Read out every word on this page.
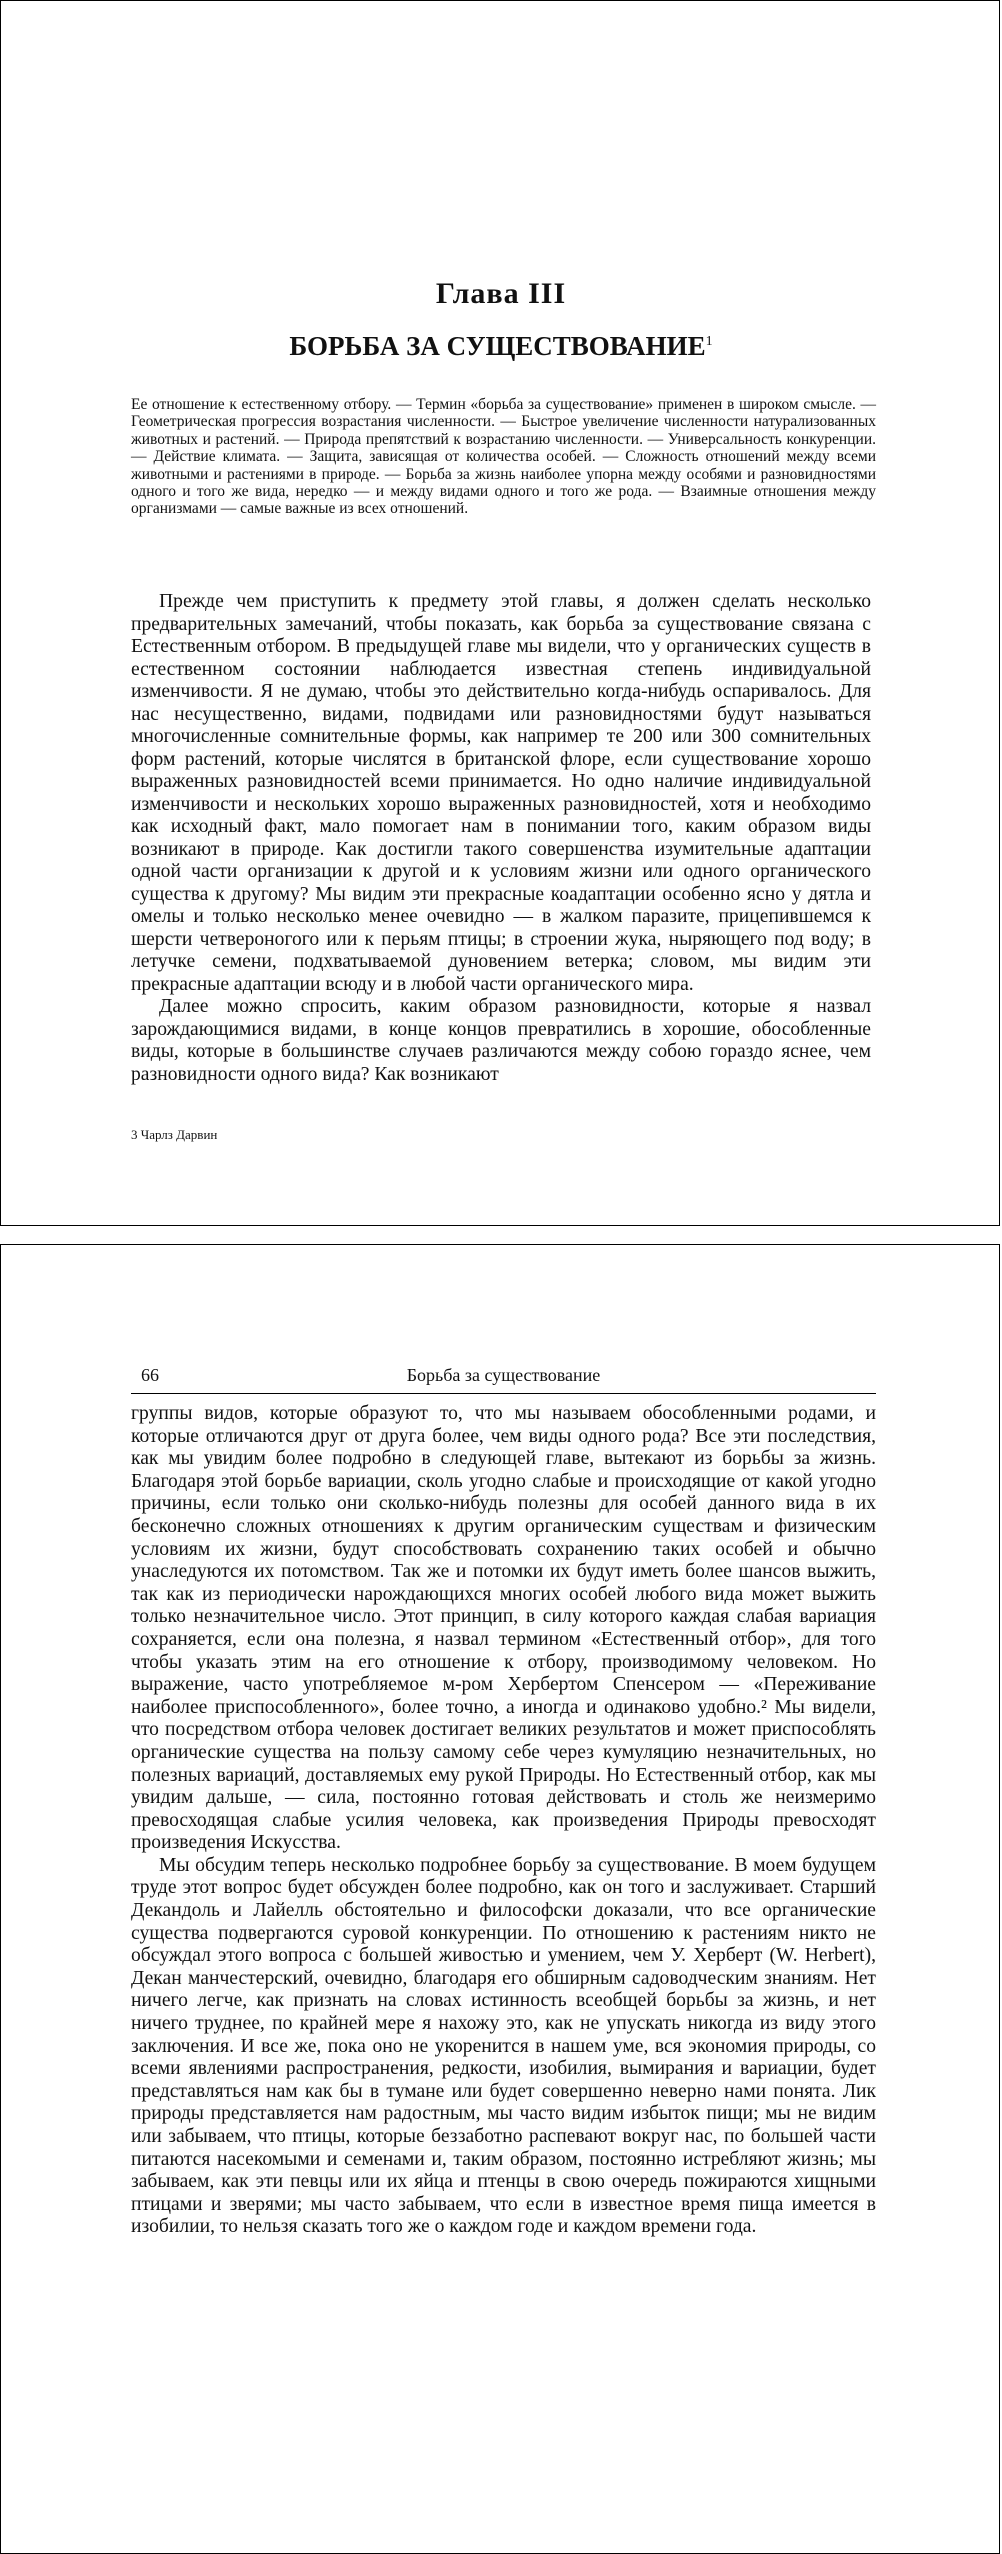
Глава III
БОРЬБА ЗА СУЩЕСТВОВАНИЕ$^1$

Ее отношение к естественному отбору. — Термин «борьба за существование» применен в широком смысле. — Геометрическая прогрессия возрастания численности. — Быстрое увеличение численности натурализованных животных и растений. — Природа препятствий к возрастанию численности. — Универсальность конкуренции. — Действие климата. — Защита, зависящая от количества особей. — Сложность отношений между всеми животными и растениями в природе. — Борьба за жизнь наиболее упорна между особями и разновидностями одного и того же вида, нередко — и между видами одного и того же рода. — Взаимные отношения между организмами — самые важные из всех отношений.

Прежде чем приступить к предмету этой главы, я должен сделать несколько предварительных замечаний, чтобы показать, как борьба за существование связана с Естественным отбором. В предыдущей главе мы видели, что у органических существ в естественном состоянии наблюдается известная степень индивидуальной изменчивости. Я не думаю, чтобы это действительно когда-нибудь оспаривалось. Для нас несущественно, видами, подвидами или разновидностями будут называться многочисленные сомнительные формы, как например те 200 или 300 сомнительных форм растений, которые числятся в британской флоре, если существование хорошо выраженных разновидностей всеми принимается. Но одно наличие индивидуальной изменчивости и нескольких хорошо выраженных разновидностей, хотя и необходимо как исходный факт, мало помогает нам в понимании того, каким образом виды возникают в природе. Как достигли такого совершенства изумительные адаптации одной части организации к другой и к условиям жизни или одного органического существа к другому? Мы видим эти прекрасные коадаптации особенно ясно у дятла и омелы и только несколько менее очевидно — в жалком паразите, прицепившемся к шерсти четвероногого или к перьям птицы; в строении жука, ныряющего под воду; в летучке семени, подхватываемой дуновением ветерка; словом, мы видим эти прекрасные адаптации всюду и в любой части органического мира.

Далее можно спросить, каким образом разновидности, которые я назвал зарождающимися видами, в конце концов превратились в хорошие, обособленные виды, которые в большинстве случаев различаются между собою гораздо яснее, чем разновидности одного вида? Как возникают

3 Чарлз Дарвин
66	Борьба за существование

группы видов, которые образуют то, что мы называем обособленными родами, и которые отличаются друг от друга более, чем виды одного рода? Все эти последствия, как мы увидим более подробно в следующей главе, вытекают из борьбы за жизнь. Благодаря этой борьбе вариации, сколь угодно слабые и происходящие от какой угодно причины, если только они сколько-нибудь полезны для особей данного вида в их бесконечно сложных отношениях к другим органическим существам и физическим условиям их жизни, будут способствовать сохранению таких особей и обычно унаследуются их потомством. Так же и потомки их будут иметь более шансов выжить, так как из периодически нарождающихся многих особей любого вида может выжить только незначительное число. Этот принцип, в силу которого каждая слабая вариация сохраняется, если она полезна, я назвал термином «Естественный отбор», для того чтобы указать этим на его отношение к отбору, производимому человеком. Но выражение, часто употребляемое м-ром Хербертом Спенсером — «Переживание наиболее приспособленного», более точно, а иногда и одинаково удобно.² Мы видели, что посредством отбора человек достигает великих результатов и может приспособлять органические существа на пользу самому себе через кумуляцию незначительных, но полезных вариаций, доставляемых ему рукой Природы. Но Естественный отбор, как мы увидим дальше, — сила, постоянно готовая действовать и столь же неизмеримо превосходящая слабые усилия человека, как произведения Природы превосходят произведения Искусства.

Мы обсудим теперь несколько подробнее борьбу за существование. В моем будущем труде этот вопрос будет обсужден более подробно, как он того и заслуживает. Старший Декандоль и Лайелль обстоятельно и философски доказали, что все органические существа подвергаются суровой конкуренции. По отношению к растениям никто не обсуждал этого вопроса с большей живостью и умением, чем У. Херберт (W. Herbert), Декан манчестерский, очевидно, благодаря его обширным садоводческим знаниям. Нет ничего легче, как признать на словах истинность всеобщей борьбы за жизнь, и нет ничего труднее, по крайней мере я нахожу это, как не упускать никогда из виду этого заключения. И все же, пока оно не укоренится в нашем уме, вся экономия природы, со всеми явлениями распространения, редкости, изобилия, вымирания и вариации, будет представляться нам как бы в тумане или будет совершенно неверно нами понята. Лик природы представляется нам радостным, мы часто видим избыток пищи; мы не видим или забываем, что птицы, которые беззаботно распевают вокруг нас, по большей части питаются насекомыми и семенами и, таким образом, постоянно истребляют жизнь; мы забываем, как эти певцы или их яйца и птенцы в свою очередь пожираются хищными птицами и зверями; мы часто забываем, что если в известное время пища имеется в изобилии, то нельзя сказать того же о каждом годе и каждом времени года.
